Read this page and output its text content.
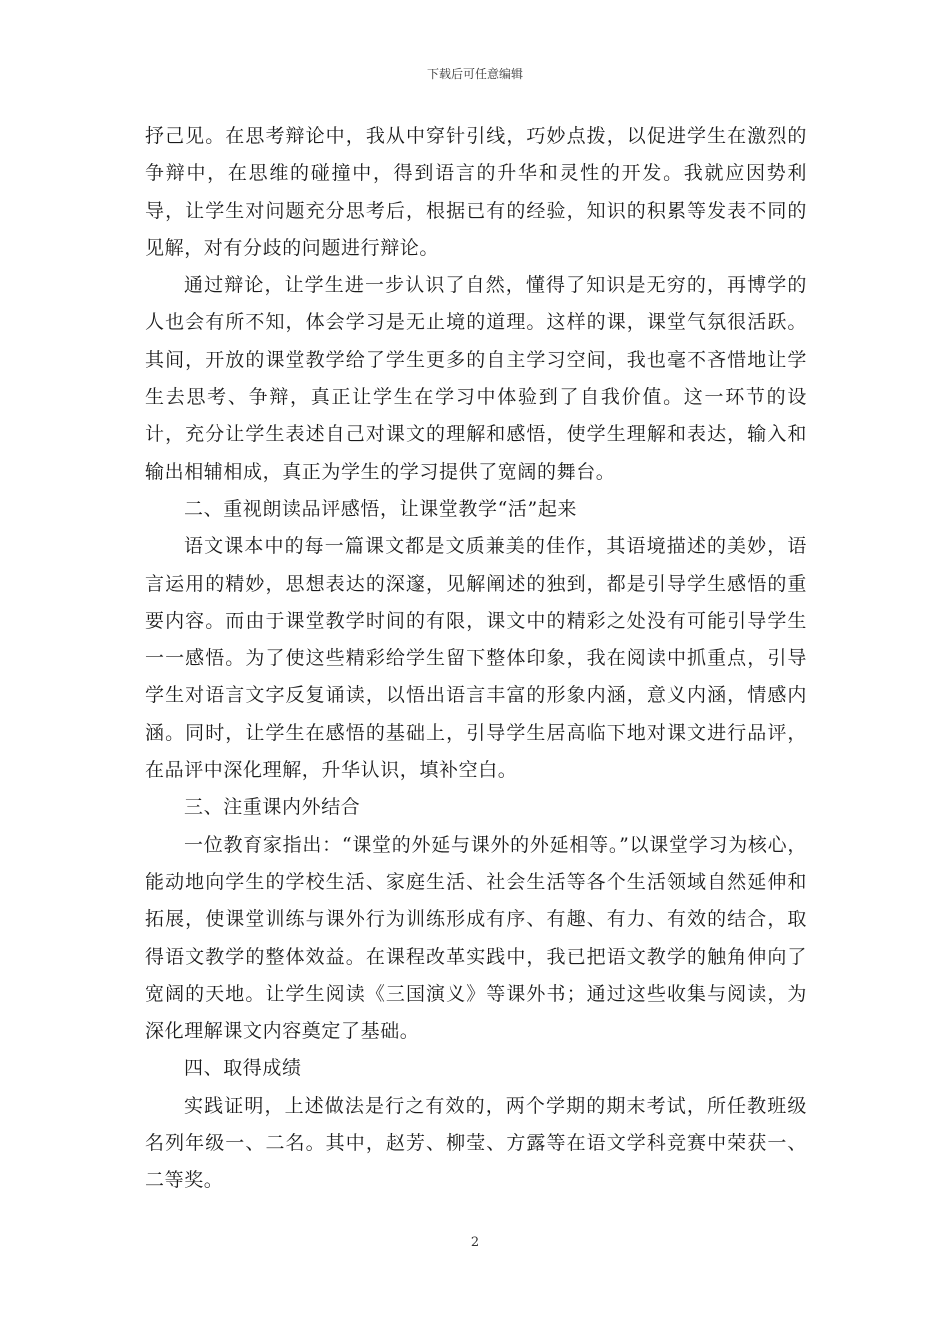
下载后可任意编辑

抒己见。在思考辩论中，我从中穿针引线，巧妙点拨，以促进学生在激烈的争辩中，在思维的碰撞中，得到语言的升华和灵性的开发。我就应因势利导，让学生对问题充分思考后，根据已有的经验，知识的积累等发表不同的见解，对有分歧的问题进行辩论。

通过辩论，让学生进一步认识了自然，懂得了知识是无穷的，再博学的人也会有所不知，体会学习是无止境的道理。这样的课，课堂气氛很活跃。其间，开放的课堂教学给了学生更多的自主学习空间，我也毫不吝惜地让学生去思考、争辩，真正让学生在学习中体验到了自我价值。这一环节的设计，充分让学生表述自己对课文的理解和感悟，使学生理解和表达，输入和输出相辅相成，真正为学生的学习提供了宽阔的舞台。

二、重视朗读品评感悟，让课堂教学“活”起来

语文课本中的每一篇课文都是文质兼美的佳作，其语境描述的美妙，语言运用的精妙，思想表达的深邃，见解阐述的独到，都是引导学生感悟的重要内容。而由于课堂教学时间的有限，课文中的精彩之处没有可能引导学生一一感悟。为了使这些精彩给学生留下整体印象，我在阅读中抓重点，引导学生对语言文字反复诵读，以悟出语言丰富的形象内涵，意义内涵，情感内涵。同时，让学生在感悟的基础上，引导学生居高临下地对课文进行品评，在品评中深化理解，升华认识，填补空白。

三、注重课内外结合

一位教育家指出：“课堂的外延与课外的外延相等。”以课堂学习为核心，能动地向学生的学校生活、家庭生活、社会生活等各个生活领域自然延伸和拓展，使课堂训练与课外行为训练形成有序、有趣、有力、有效的结合，取得语文教学的整体效益。在课程改革实践中，我已把语文教学的触角伸向了宽阔的天地。让学生阅读《三国演义》等课外书；通过这些收集与阅读，为深化理解课文内容奠定了基础。

四、取得成绩

实践证明，上述做法是行之有效的，两个学期的期末考试，所任教班级名列年级一、二名。其中，赵芳、柳莹、方露等在语文学科竞赛中荣获一、二等奖。

2
